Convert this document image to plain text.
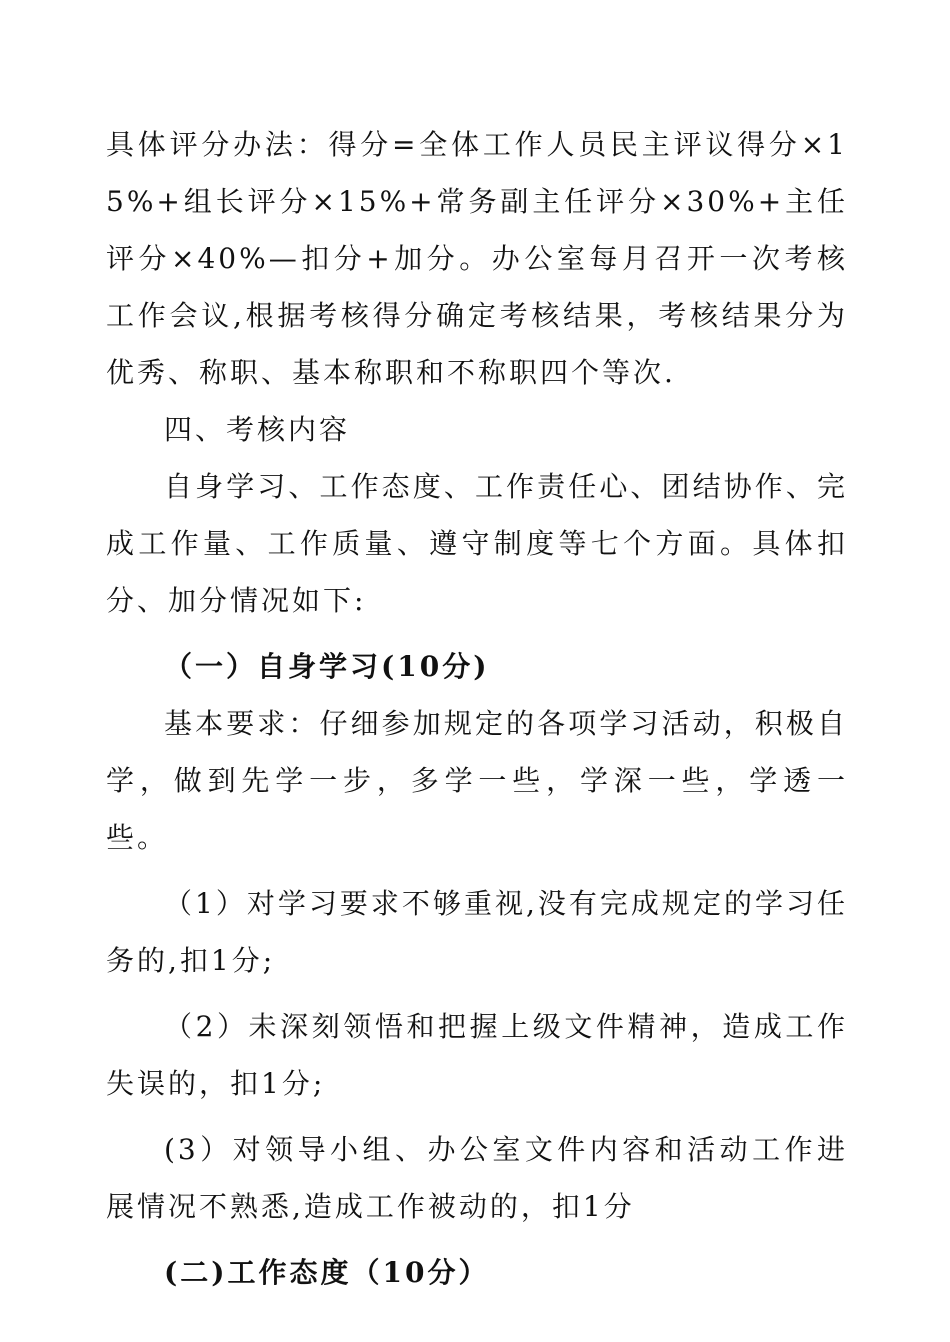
具体评分办法：得分=全体工作人员民主评议得分×15%+组长评分×15%+常务副主任评分×30%+主任评分×40%—扣分+加分。办公室每月召开一次考核工作会议,根据考核得分确定考核结果，考核结果分为优秀、称职、基本称职和不称职四个等次.

四、考核内容

自身学习、工作态度、工作责任心、团结协作、完成工作量、工作质量、遵守制度等七个方面。具体扣分、加分情况如下:

（一）自身学习(10分)

基本要求：仔细参加规定的各项学习活动，积极自学，做到先学一步，多学一些，学深一些，学透一些。

（1）对学习要求不够重视,没有完成规定的学习任务的,扣1分;

（2）未深刻领悟和把握上级文件精神，造成工作失误的，扣1分;

(3）对领导小组、办公室文件内容和活动工作进展情况不熟悉,造成工作被动的，扣1分

(二)工作态度（10分）
